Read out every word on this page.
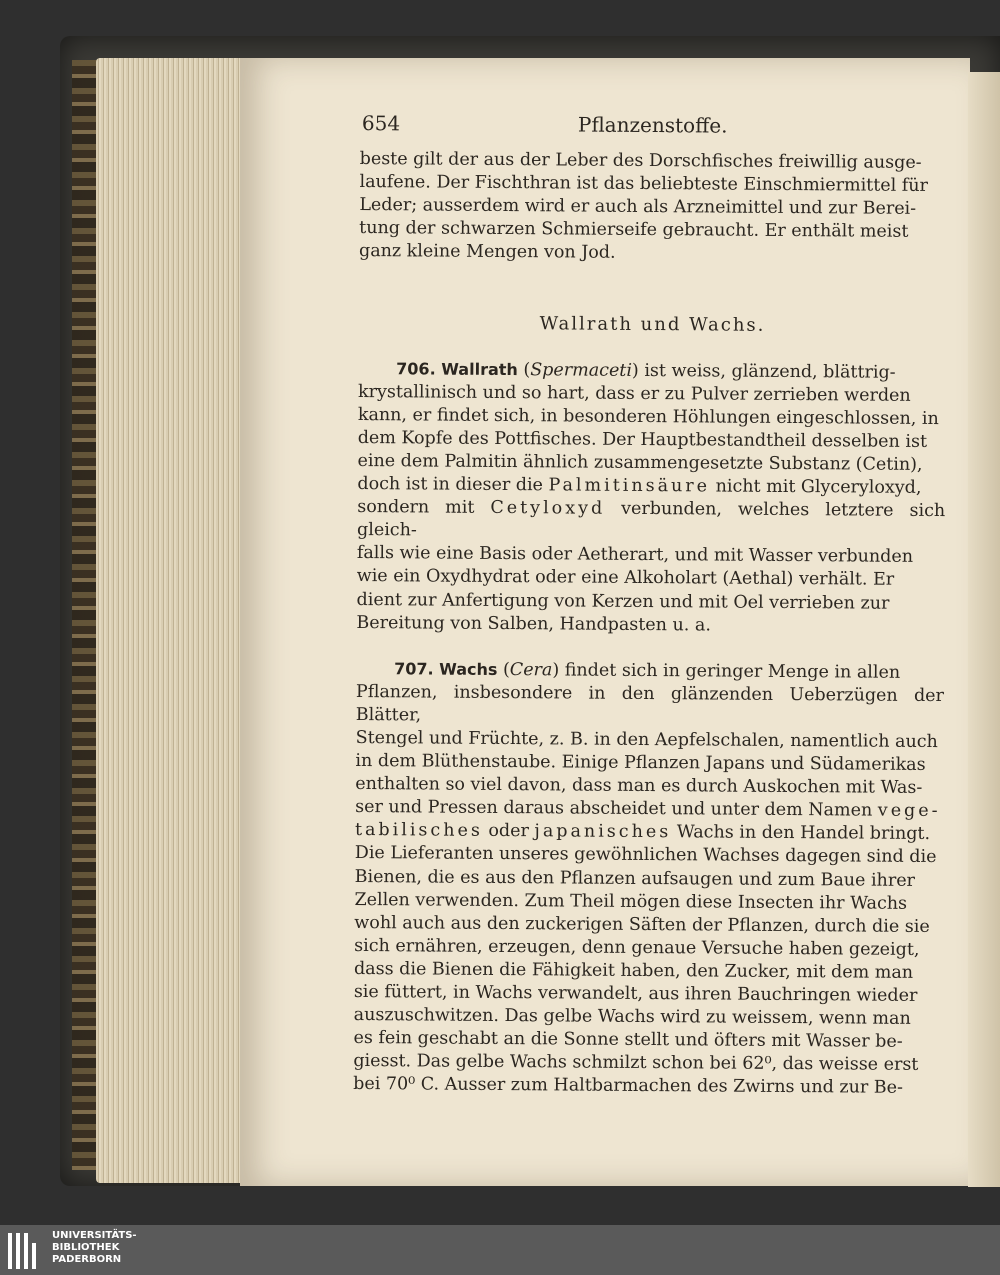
654	Pflanzenstoffe.

beste gilt der aus der Leber des Dorschfisches freiwillig ausge-
laufene. Der Fischthran ist das beliebteste Einschmiermittel für
Leder; ausserdem wird er auch als Arzneimittel und zur Berei-
tung der schwarzen Schmierseife gebraucht. Er enthält meist
ganz kleine Mengen von Jod.

Wallrath und Wachs.

706. Wallrath (Spermaceti) ist weiss, glänzend, blättrig-
krystallinisch und so hart, dass er zu Pulver zerrieben werden
kann, er findet sich, in besonderen Höhlungen eingeschlossen, in
dem Kopfe des Pottfisches. Der Hauptbestandtheil desselben ist
eine dem Palmitin ähnlich zusammengesetzte Substanz (Cetin),
doch ist in dieser die Palmitinsäure nicht mit Glyceryloxyd,
sondern mit Cetyloxyd verbunden, welches letztere sich gleich-
falls wie eine Basis oder Aetherart, und mit Wasser verbunden
wie ein Oxydhydrat oder eine Alkoholart (Aethal) verhält. Er
dient zur Anfertigung von Kerzen und mit Oel verrieben zur
Bereitung von Salben, Handpasten u. a.

707. Wachs (Cera) findet sich in geringer Menge in allen
Pflanzen, insbesondere in den glänzenden Ueberzügen der Blätter,
Stengel und Früchte, z. B. in den Aepfelschalen, namentlich auch
in dem Blüthenstaube. Einige Pflanzen Japans und Südamerikas
enthalten so viel davon, dass man es durch Auskochen mit Was-
ser und Pressen daraus abscheidet und unter dem Namen vege-
tabilisches oder japanisches Wachs in den Handel bringt.
Die Lieferanten unseres gewöhnlichen Wachses dagegen sind die
Bienen, die es aus den Pflanzen aufsaugen und zum Baue ihrer
Zellen verwenden. Zum Theil mögen diese Insecten ihr Wachs
wohl auch aus den zuckerigen Säften der Pflanzen, durch die sie
sich ernähren, erzeugen, denn genaue Versuche haben gezeigt,
dass die Bienen die Fähigkeit haben, den Zucker, mit dem man
sie füttert, in Wachs verwandelt, aus ihren Bauchringen wieder
auszuschwitzen. Das gelbe Wachs wird zu weissem, wenn man
es fein geschabt an die Sonne stellt und öfters mit Wasser be-
giesst. Das gelbe Wachs schmilzt schon bei 62⁰, das weisse erst
bei 70⁰ C. Ausser zum Haltbarmachen des Zwirns und zur Be-

UNIVERSITÄTS-
BIBLIOTHEK
PADERBORN
